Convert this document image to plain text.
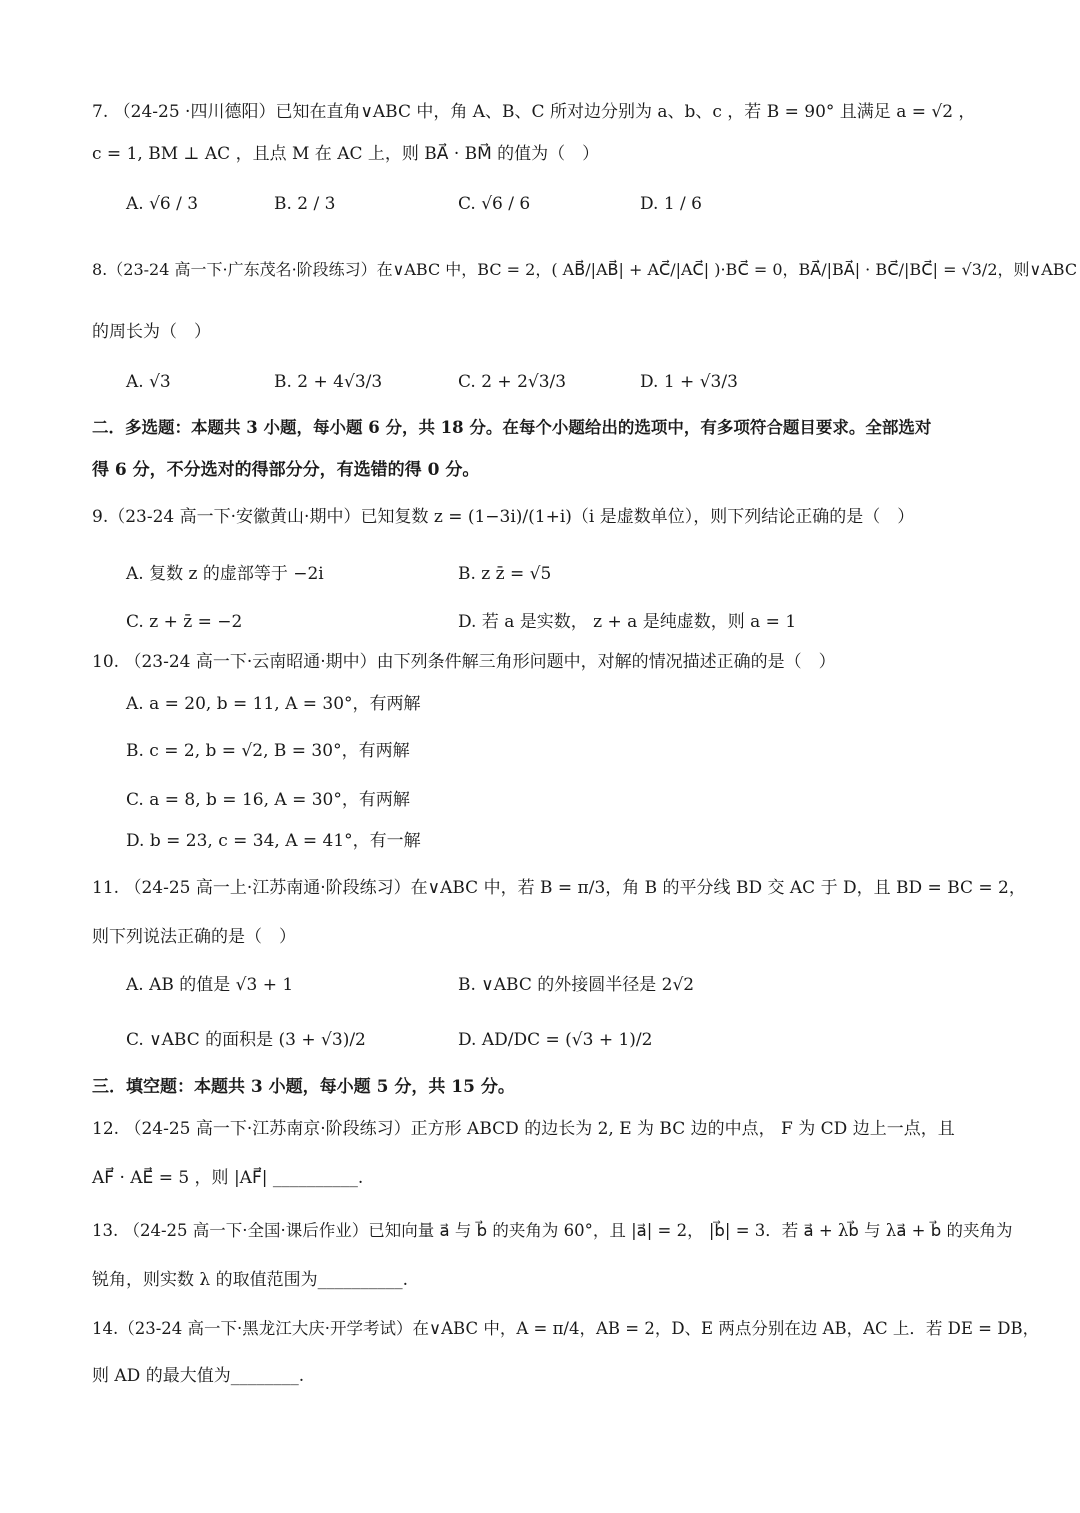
7. （24-25 ·四川德阳）已知在直角∨ABC 中，角 A、B、C 所对边分别为 a、b、c ，若 B = 90° 且满足 a = √2 ，
c = 1, BM ⊥ AC ，且点 M 在 AC 上，则 BA⃗ · BM⃗ 的值为（　）
A. √6 / 3	B. 2 / 3	C. √6 / 6	D. 1 / 6
8.（23-24 高一下·广东茂名·阶段练习）在∨ABC 中，BC = 2，( AB⃗/|AB⃗| + AC⃗/|AC⃗| )·BC⃗ = 0，BA⃗/|BA⃗| · BC⃗/|BC⃗| = √3/2，则∨ABC
的周长为（　）
A. √3	B. 2 + 4√3/3	C. 2 + 2√3/3	D. 1 + √3/3
二．多选题：本题共 3 小题，每小题 6 分，共 18 分。在每个小题给出的选项中，有多项符合题目要求。全部选对
得 6 分，不分选对的得部分分，有选错的得 0 分。
9.（23-24 高一下·安徽黄山·期中）已知复数 z = (1−3i)/(1+i)（i 是虚数单位），则下列结论正确的是（　）
A. 复数 z 的虚部等于 −2i	B. z z̄ = √5
C. z + z̄ = −2	D. 若 a 是实数， z + a 是纯虚数，则 a = 1
10. （23-24 高一下·云南昭通·期中）由下列条件解三角形问题中，对解的情况描述正确的是（　）
A. a = 20, b = 11, A = 30°，有两解
B. c = 2, b = √2, B = 30°，有两解
C. a = 8, b = 16, A = 30°，有两解
D. b = 23, c = 34, A = 41°，有一解
11. （24-25 高一上·江苏南通·阶段练习）在∨ABC 中，若 B = π/3，角 B 的平分线 BD 交 AC 于 D，且 BD = BC = 2，
则下列说法正确的是（　）
A. AB 的值是 √3 + 1	B. ∨ABC 的外接圆半径是 2√2
C. ∨ABC 的面积是 (3 + √3)/2	D. AD/DC = (√3 + 1)/2
三．填空题：本题共 3 小题，每小题 5 分，共 15 分。
12. （24-25 高一下·江苏南京·阶段练习）正方形 ABCD 的边长为 2, E 为 BC 边的中点， F 为 CD 边上一点，且
AF⃗ · AE⃗ = 5 ，则 |AF⃗| __________.
13. （24-25 高一下·全国·课后作业）已知向量 a⃗ 与 b⃗ 的夹角为 60°，且 |a⃗| = 2， |b⃗| = 3．若 a⃗ + λb⃗ 与 λa⃗ + b⃗ 的夹角为
锐角，则实数 λ 的取值范围为__________.
14.（23-24 高一下·黑龙江大庆·开学考试）在∨ABC 中，A = π/4，AB = 2，D、E 两点分别在边 AB，AC 上．若 DE = DB，
则 AD 的最大值为________.
